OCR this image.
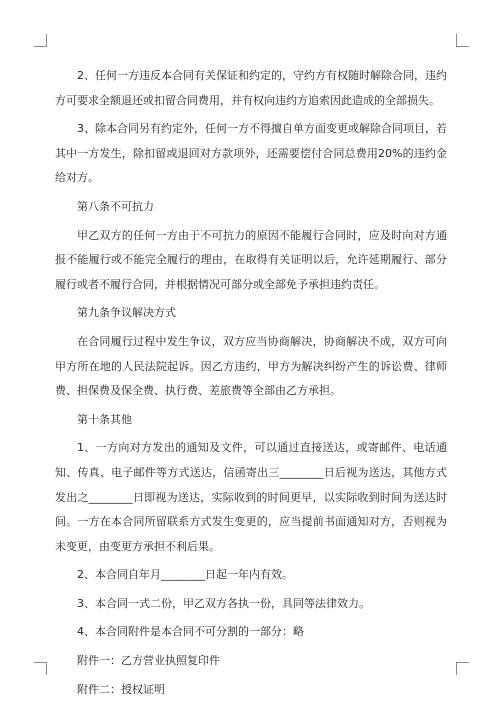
2、任何一方违反本合同有关保证和约定的，守约方有权随时解除合同，违约方可要求全额退还或扣留合同费用，并有权向违约方追索因此造成的全部损失。

3、除本合同另有约定外，任何一方不得擅自单方面变更或解除合同项目，若其中一方发生，除扣留或退回对方款项外，还需要偿付合同总费用20%的违约金给对方。

第八条不可抗力

甲乙双方的任何一方由于不可抗力的原因不能履行合同时，应及时向对方通报不能履行或不能完全履行的理由，在取得有关证明以后，允许延期履行、部分履行或者不履行合同，并根据情况可部分或全部免予承担违约责任。

第九条争议解决方式

在合同履行过程中发生争议，双方应当协商解决，协商解决不成，双方可向甲方所在地的人民法院起诉。因乙方违约，甲方为解决纠纷产生的诉讼费、律师费、担保费及保全费、执行费、差旅费等全部由乙方承担。

第十条其他

1、一方向对方发出的通知及文件，可以通过直接送达，或寄邮件、电话通知、传真、电子邮件等方式送达，信函寄出三________日后视为送达，其他方式发出之________日即视为送达，实际收到的时间更早，以实际收到时间为送达时间。一方在本合同所留联系方式发生变更的，应当提前书面通知对方，否则视为未变更，由变更方承担不利后果。

2、本合同自年月________日起一年内有效。

3、本合同一式二份，甲乙双方各执一份，具同等法律效力。

4、本合同附件是本合同不可分割的一部分：略

附件一：乙方营业执照复印件

附件二：授权证明
